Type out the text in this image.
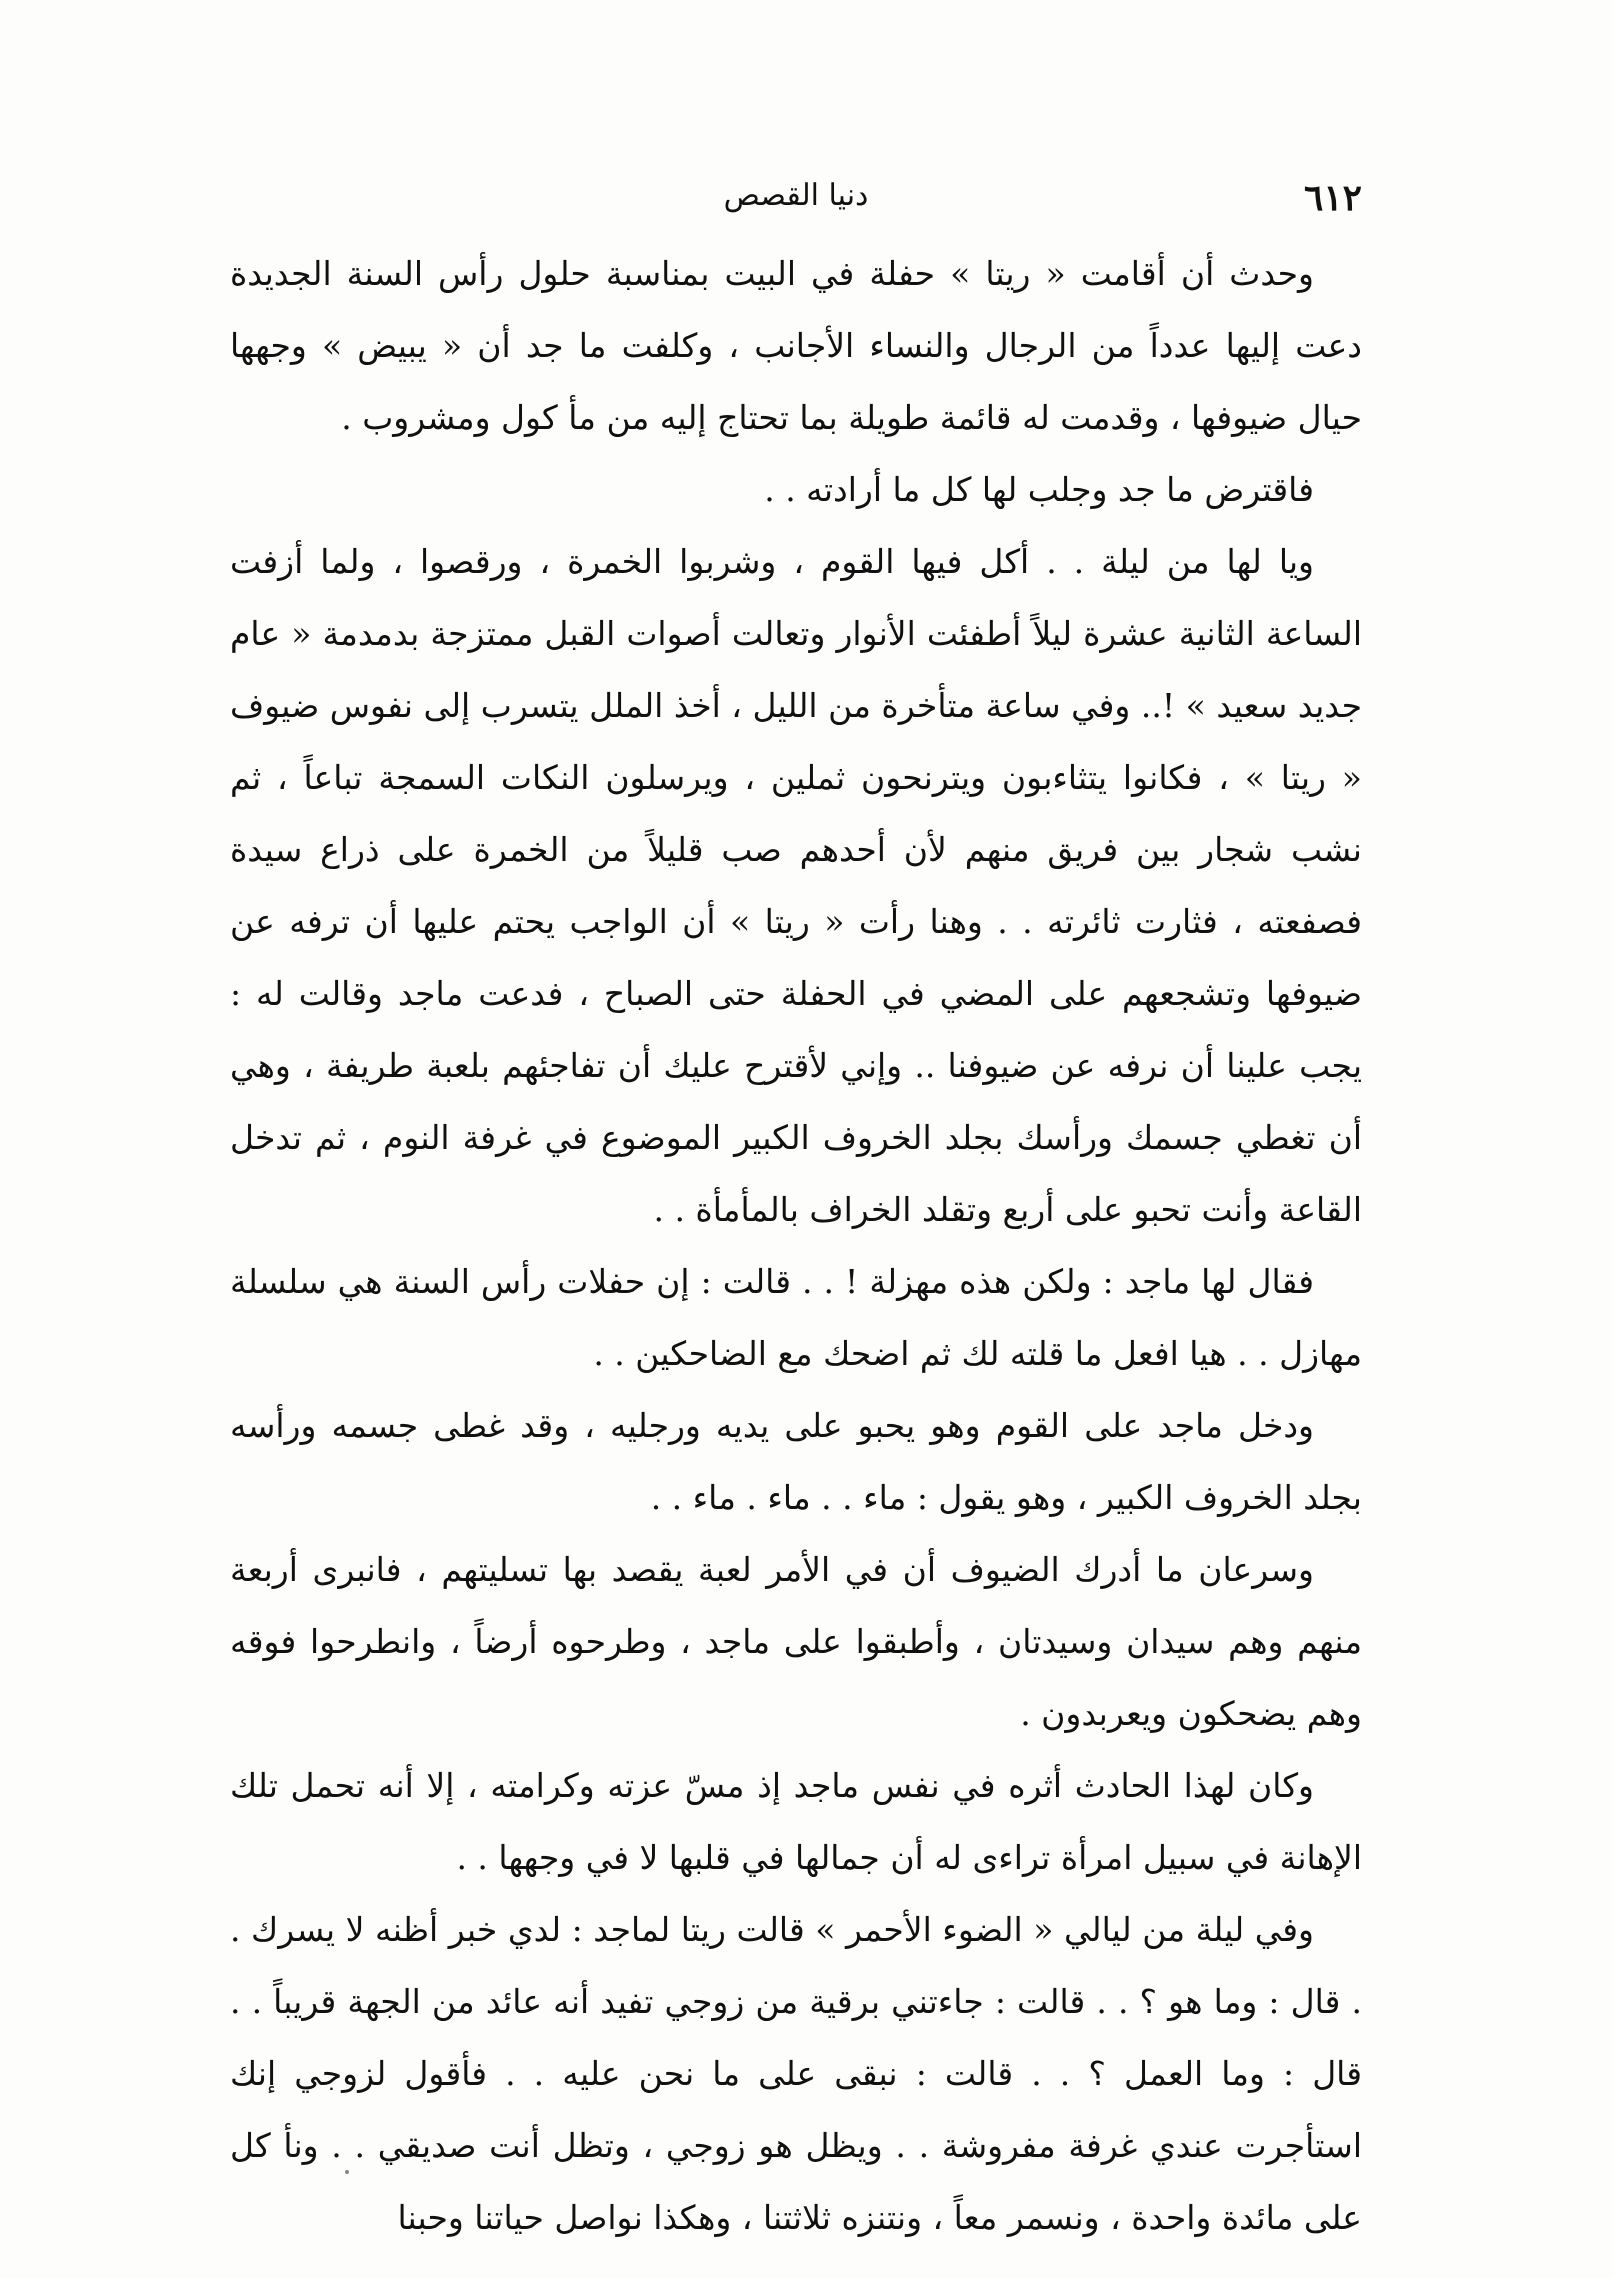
٦١٢
دنيا القصص

وحدث أن أقامت « ريتا » حفلة في البيت بمناسبة حلول رأس السنة الجديدة دعت إليها عدداً من الرجال والنساء الأجانب ، وكلفت ما جد أن « يبيض » وجهها حيال ضيوفها ، وقدمت له قائمة طويلة بما تحتاج إليه من مأ كول ومشروب .

فاقترض ما جد وجلب لها كل ما أرادته . .

ويا لها من ليلة . . أكل فيها القوم ، وشربوا الخمرة ، ورقصوا ، ولما أزفت الساعة الثانية عشرة ليلاً أطفئت الأنوار وتعالت أصوات القبل ممتزجة بدمدمة « عام جديد سعيد » !.. وفي ساعة متأخرة من الليل ، أخذ الملل يتسرب إلى نفوس ضيوف « ريتا » ، فكانوا يتثاءبون ويترنحون ثملين ، ويرسلون النكات السمجة تباعاً ، ثم نشب شجار بين فريق منهم لأن أحدهم صب قليلاً من الخمرة على ذراع سيدة فصفعته ، فثارت ثائرته . . وهنا رأت « ريتا » أن الواجب يحتم عليها أن ترفه عن ضيوفها وتشجعهم على المضي في الحفلة حتى الصباح ، فدعت ماجد وقالت له : يجب علينا أن نرفه عن ضيوفنا .. وإني لأقترح عليك أن تفاجئهم بلعبة طريفة ، وهي أن تغطي جسمك ورأسك بجلد الخروف الكبير الموضوع في غرفة النوم ، ثم تدخل القاعة وأنت تحبو على أربع وتقلد الخراف بالمأمأة . .

فقال لها ماجد : ولكن هذه مهزلة ! . . قالت : إن حفلات رأس السنة هي سلسلة مهازل . . هيا افعل ما قلته لك ثم اضحك مع الضاحكين . .

ودخل ماجد على القوم وهو يحبو على يديه ورجليه ، وقد غطى جسمه ورأسه بجلد الخروف الكبير ، وهو يقول : ماء . . ماء . ماء . .

وسرعان ما أدرك الضيوف أن في الأمر لعبة يقصد بها تسليتهم ، فانبرى أربعة منهم وهم سيدان وسيدتان ، وأطبقوا على ماجد ، وطرحوه أرضاً ، وانطرحوا فوقه وهم يضحكون ويعربدون .

وكان لهذا الحادث أثره في نفس ماجد إذ مسّ عزته وكرامته ، إلا أنه تحمل تلك الإهانة في سبيل امرأة تراءى له أن جمالها في قلبها لا في وجهها . .

وفي ليلة من ليالي « الضوء الأحمر » قالت ريتا لماجد : لدي خبر أظنه لا يسرك . . قال : وما هو ؟ . . قالت : جاءتني برقية من زوجي تفيد أنه عائد من الجهة قريباً . . قال : وما العمل ؟ . . قالت : نبقى على ما نحن عليه . . فأقول لزوجي إنك استأجرت عندي غرفة مفروشة . . ويظل هو زوجي ، وتظل أنت صديقي . . ونأ كل على مائدة واحدة ، ونسمر معاً ، ونتنزه ثلاثتنا ، وهكذا نواصل حياتنا وحبنا
